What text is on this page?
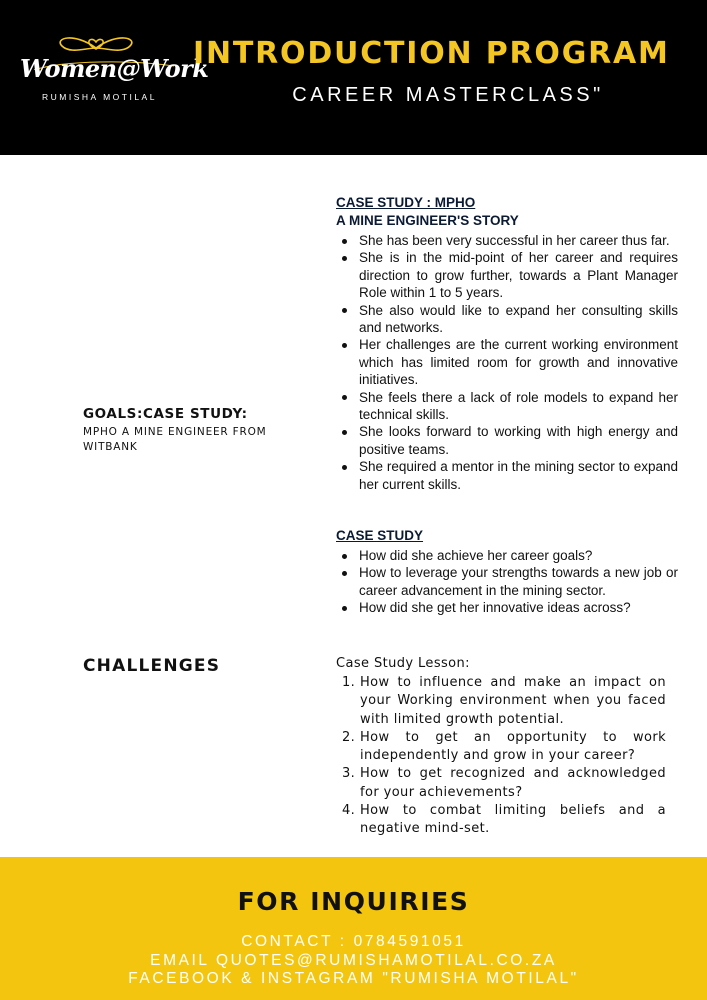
Women@Work
RUMISHA MOTILAL
INTRODUCTION PROGRAM
CAREER MASTERCLASS"
GOALS:CASE STUDY:
MPHO A MINE ENGINEER FROM WITBANK
CHALLENGES
CASE STUDY : MPHO
A MINE ENGINEER'S STORY
She has been very successful in her career thus far.
She is in the mid-point of her career and requires direction to grow further, towards a Plant Manager Role within 1 to 5 years.
She also would like to expand her consulting skills and networks.
Her challenges are the current working environment which has limited room for growth and innovative initiatives.
She feels there a lack of role models to expand her technical skills.
She looks forward to working with high energy and positive teams.
She required a mentor in the mining sector to expand her current skills.
CASE STUDY
How did she achieve her career goals?
How to leverage your strengths towards a new job or career advancement in the mining sector.
How did she get her innovative ideas across?
Case Study Lesson:
1. How to influence and make an impact on your Working environment when you faced with limited growth potential.
2. How to get an opportunity to work independently and grow in your career?
3. How to get recognized and acknowledged for your achievements?
4. How to combat limiting beliefs and a negative mind-set.
FOR INQUIRIES
CONTACT : 0784591051
EMAIL QUOTES@RUMISHAMOTILAL.CO.ZA
FACEBOOK & INSTAGRAM "RUMISHA MOTILAL"
